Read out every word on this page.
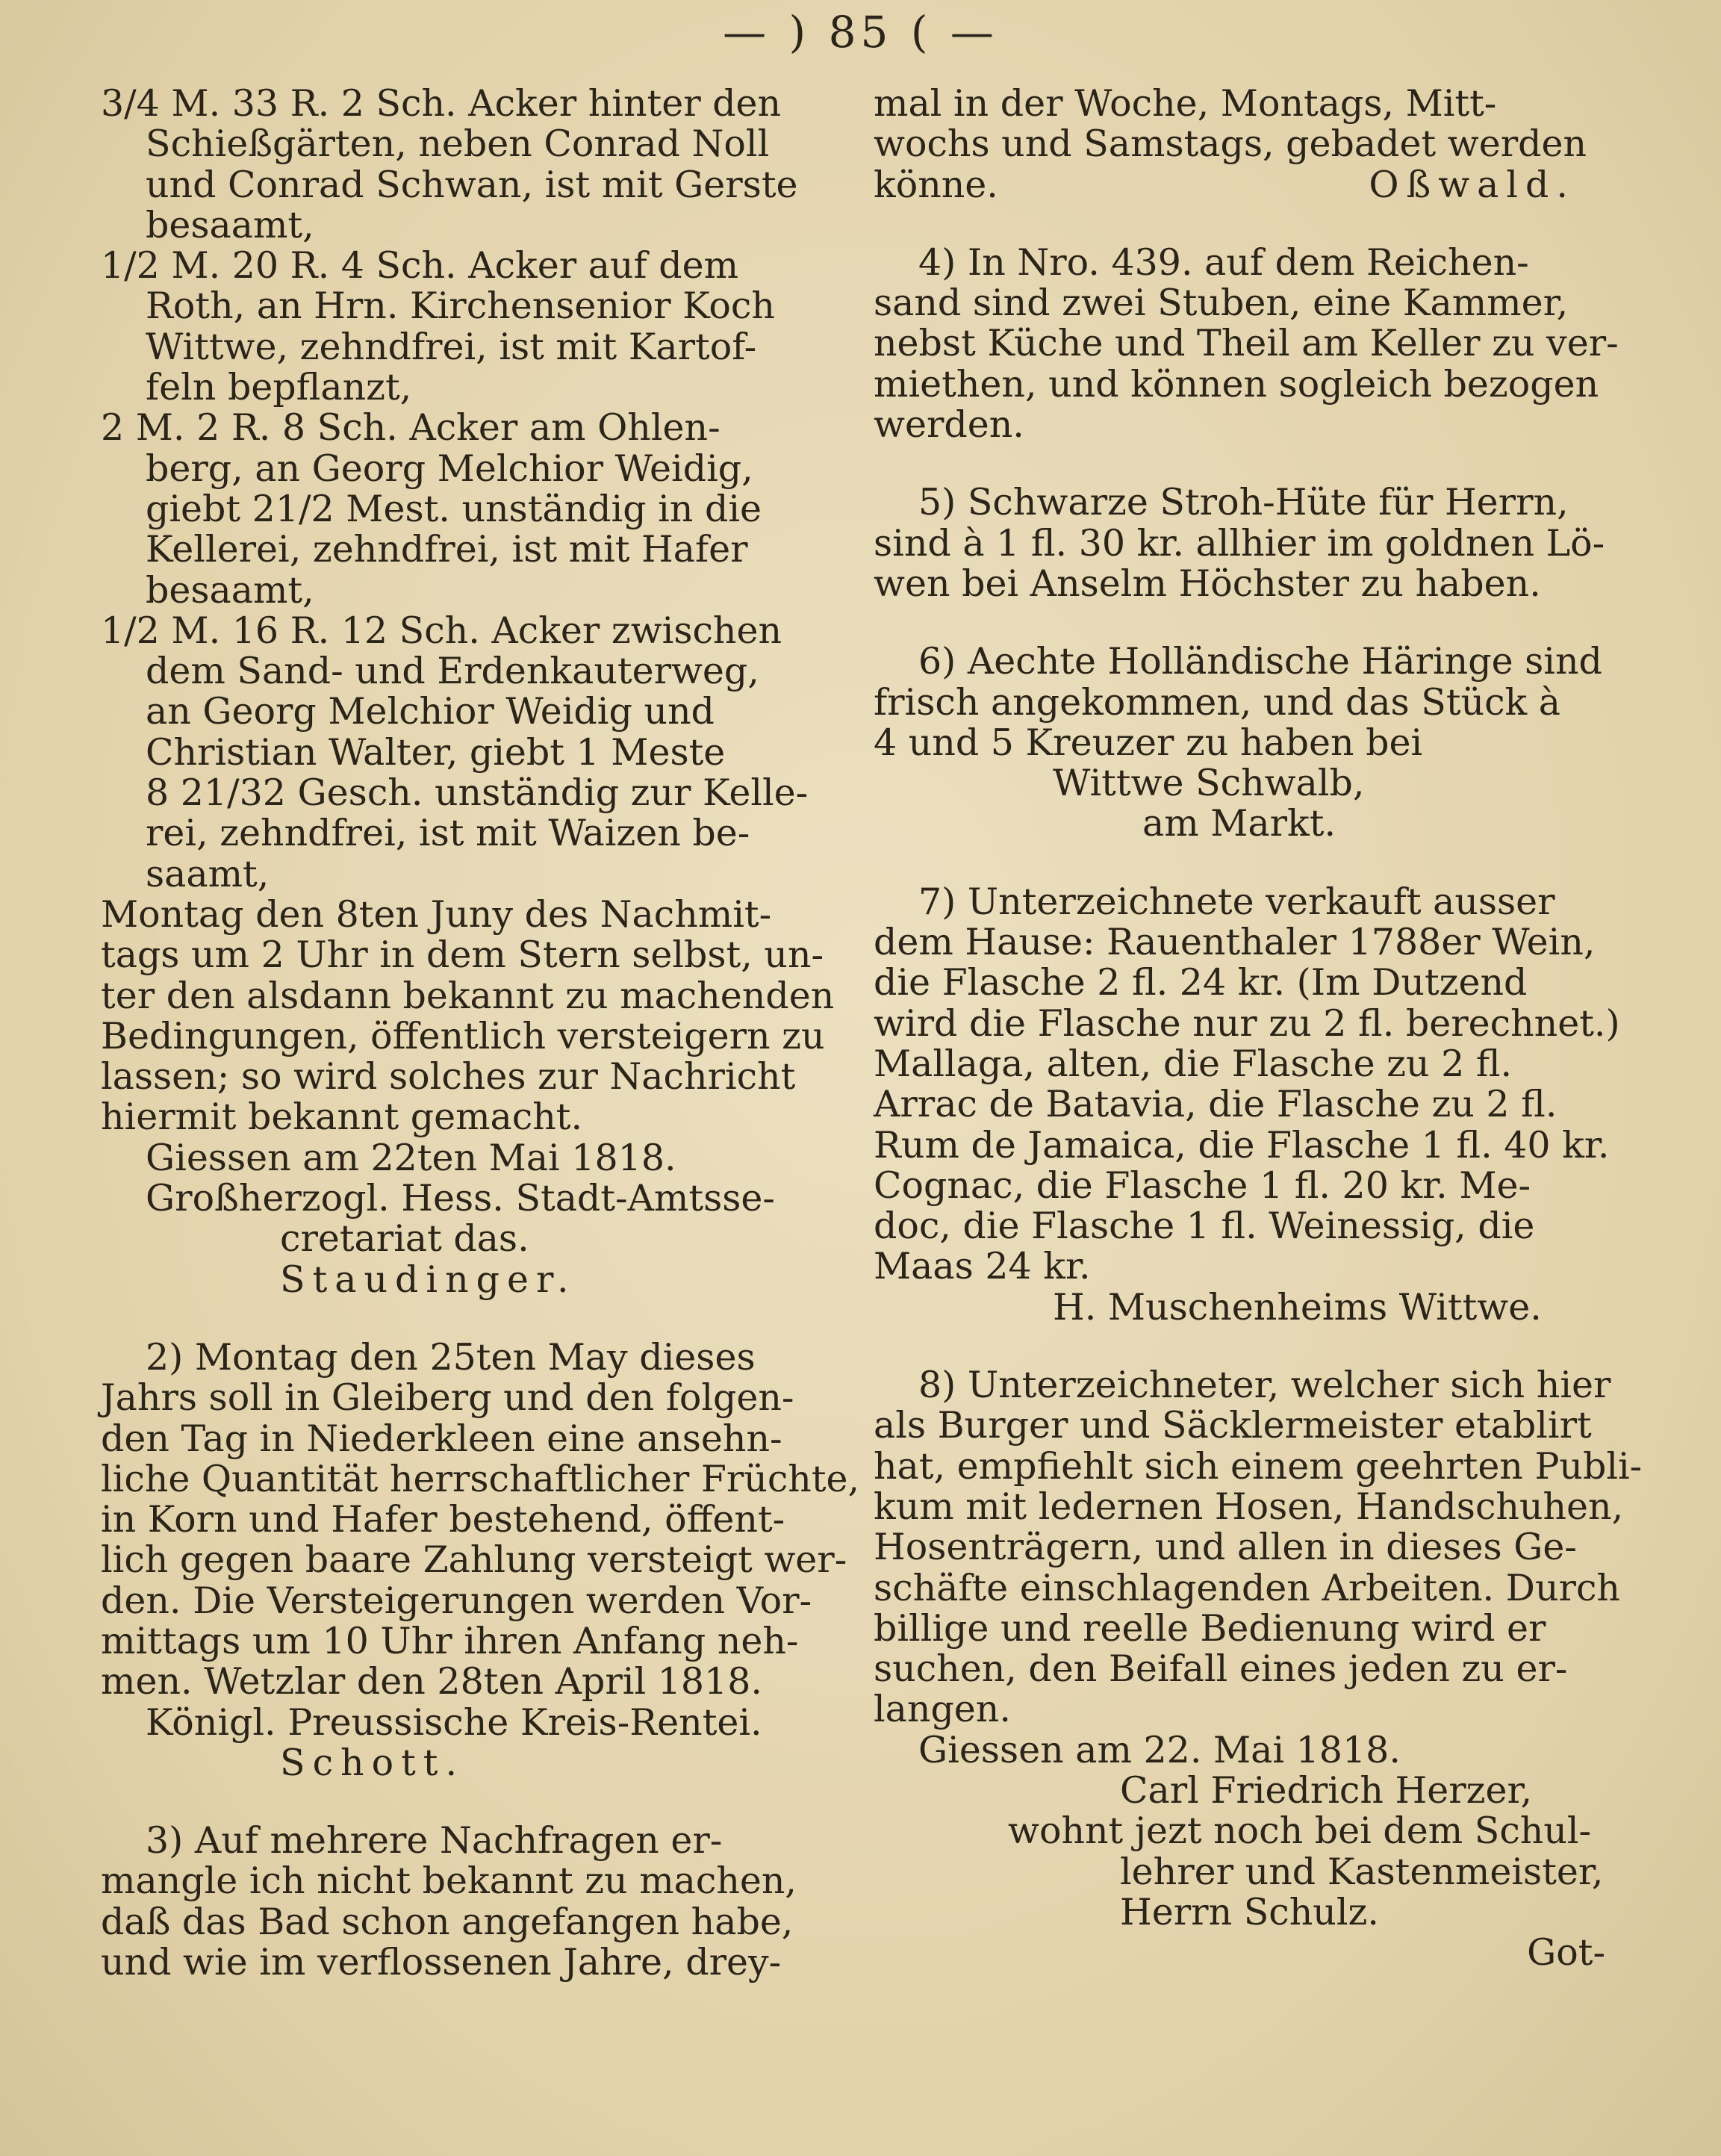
— ) 85 ( —
3/4 M. 33 R. 2 Sch. Acker hinter den
Schießgärten, neben Conrad Noll
und Conrad Schwan, ist mit Gerste
besaamt,
1/2 M. 20 R. 4 Sch. Acker auf dem
Roth, an Hrn. Kirchensenior Koch
Wittwe, zehndfrei, ist mit Kartof-
feln bepflanzt,
2 M. 2 R. 8 Sch. Acker am Ohlen-
berg, an Georg Melchior Weidig,
giebt 21/2 Mest. unständig in die
Kellerei, zehndfrei, ist mit Hafer
besaamt,
1/2 M. 16 R. 12 Sch. Acker zwischen
dem Sand- und Erdenkauterweg,
an Georg Melchior Weidig und
Christian Walter, giebt 1 Meste
8 21/32 Gesch. unständig zur Kelle-
rei, zehndfrei, ist mit Waizen be-
saamt,
Montag den 8ten Juny des Nachmit-
tags um 2 Uhr in dem Stern selbst, un-
ter den alsdann bekannt zu machenden
Bedingungen, öffentlich versteigern zu
lassen; so wird solches zur Nachricht
hiermit bekannt gemacht.
Giessen am 22ten Mai 1818.
Großherzogl. Hess. Stadt-Amtsse-
cretariat das.
Staudinger.
2) Montag den 25ten May dieses
Jahrs soll in Gleiberg und den folgen-
den Tag in Niederkleen eine ansehn-
liche Quantität herrschaftlicher Früchte,
in Korn und Hafer bestehend, öffent-
lich gegen baare Zahlung versteigt wer-
den. Die Versteigerungen werden Vor-
mittags um 10 Uhr ihren Anfang neh-
men. Wetzlar den 28ten April 1818.
Königl. Preussische Kreis-Rentei.
Schott.
3) Auf mehrere Nachfragen er-
mangle ich nicht bekannt zu machen,
daß das Bad schon angefangen habe,
und wie im verflossenen Jahre, drey-
mal in der Woche, Montags, Mitt-
wochs und Samstags, gebadet werden
könne.	Oßwald.
4) In Nro. 439. auf dem Reichen-
sand sind zwei Stuben, eine Kammer,
nebst Küche und Theil am Keller zu ver-
miethen, und können sogleich bezogen
werden.
5) Schwarze Stroh-Hüte für Herrn,
sind à 1 fl. 30 kr. allhier im goldnen Lö-
wen bei Anselm Höchster zu haben.
6) Aechte Holländische Häringe sind
frisch angekommen, und das Stück à
4 und 5 Kreuzer zu haben bei
Wittwe Schwalb,
am Markt.
7) Unterzeichnete verkauft ausser
dem Hause: Rauenthaler 1788er Wein,
die Flasche 2 fl. 24 kr. (Im Dutzend
wird die Flasche nur zu 2 fl. berechnet.)
Mallaga, alten, die Flasche zu 2 fl.
Arrac de Batavia, die Flasche zu 2 fl.
Rum de Jamaica, die Flasche 1 fl. 40 kr.
Cognac, die Flasche 1 fl. 20 kr. Me-
doc, die Flasche 1 fl. Weinessig, die
Maas 24 kr.
H. Muschenheims Wittwe.
8) Unterzeichneter, welcher sich hier
als Burger und Säcklermeister etablirt
hat, empfiehlt sich einem geehrten Publi-
kum mit ledernen Hosen, Handschuhen,
Hosenträgern, und allen in dieses Ge-
schäfte einschlagenden Arbeiten. Durch
billige und reelle Bedienung wird er
suchen, den Beifall eines jeden zu er-
langen.
Giessen am 22. Mai 1818.
Carl Friedrich Herzer,
wohnt jezt noch bei dem Schul-
lehrer und Kastenmeister,
Herrn Schulz.
Got-
